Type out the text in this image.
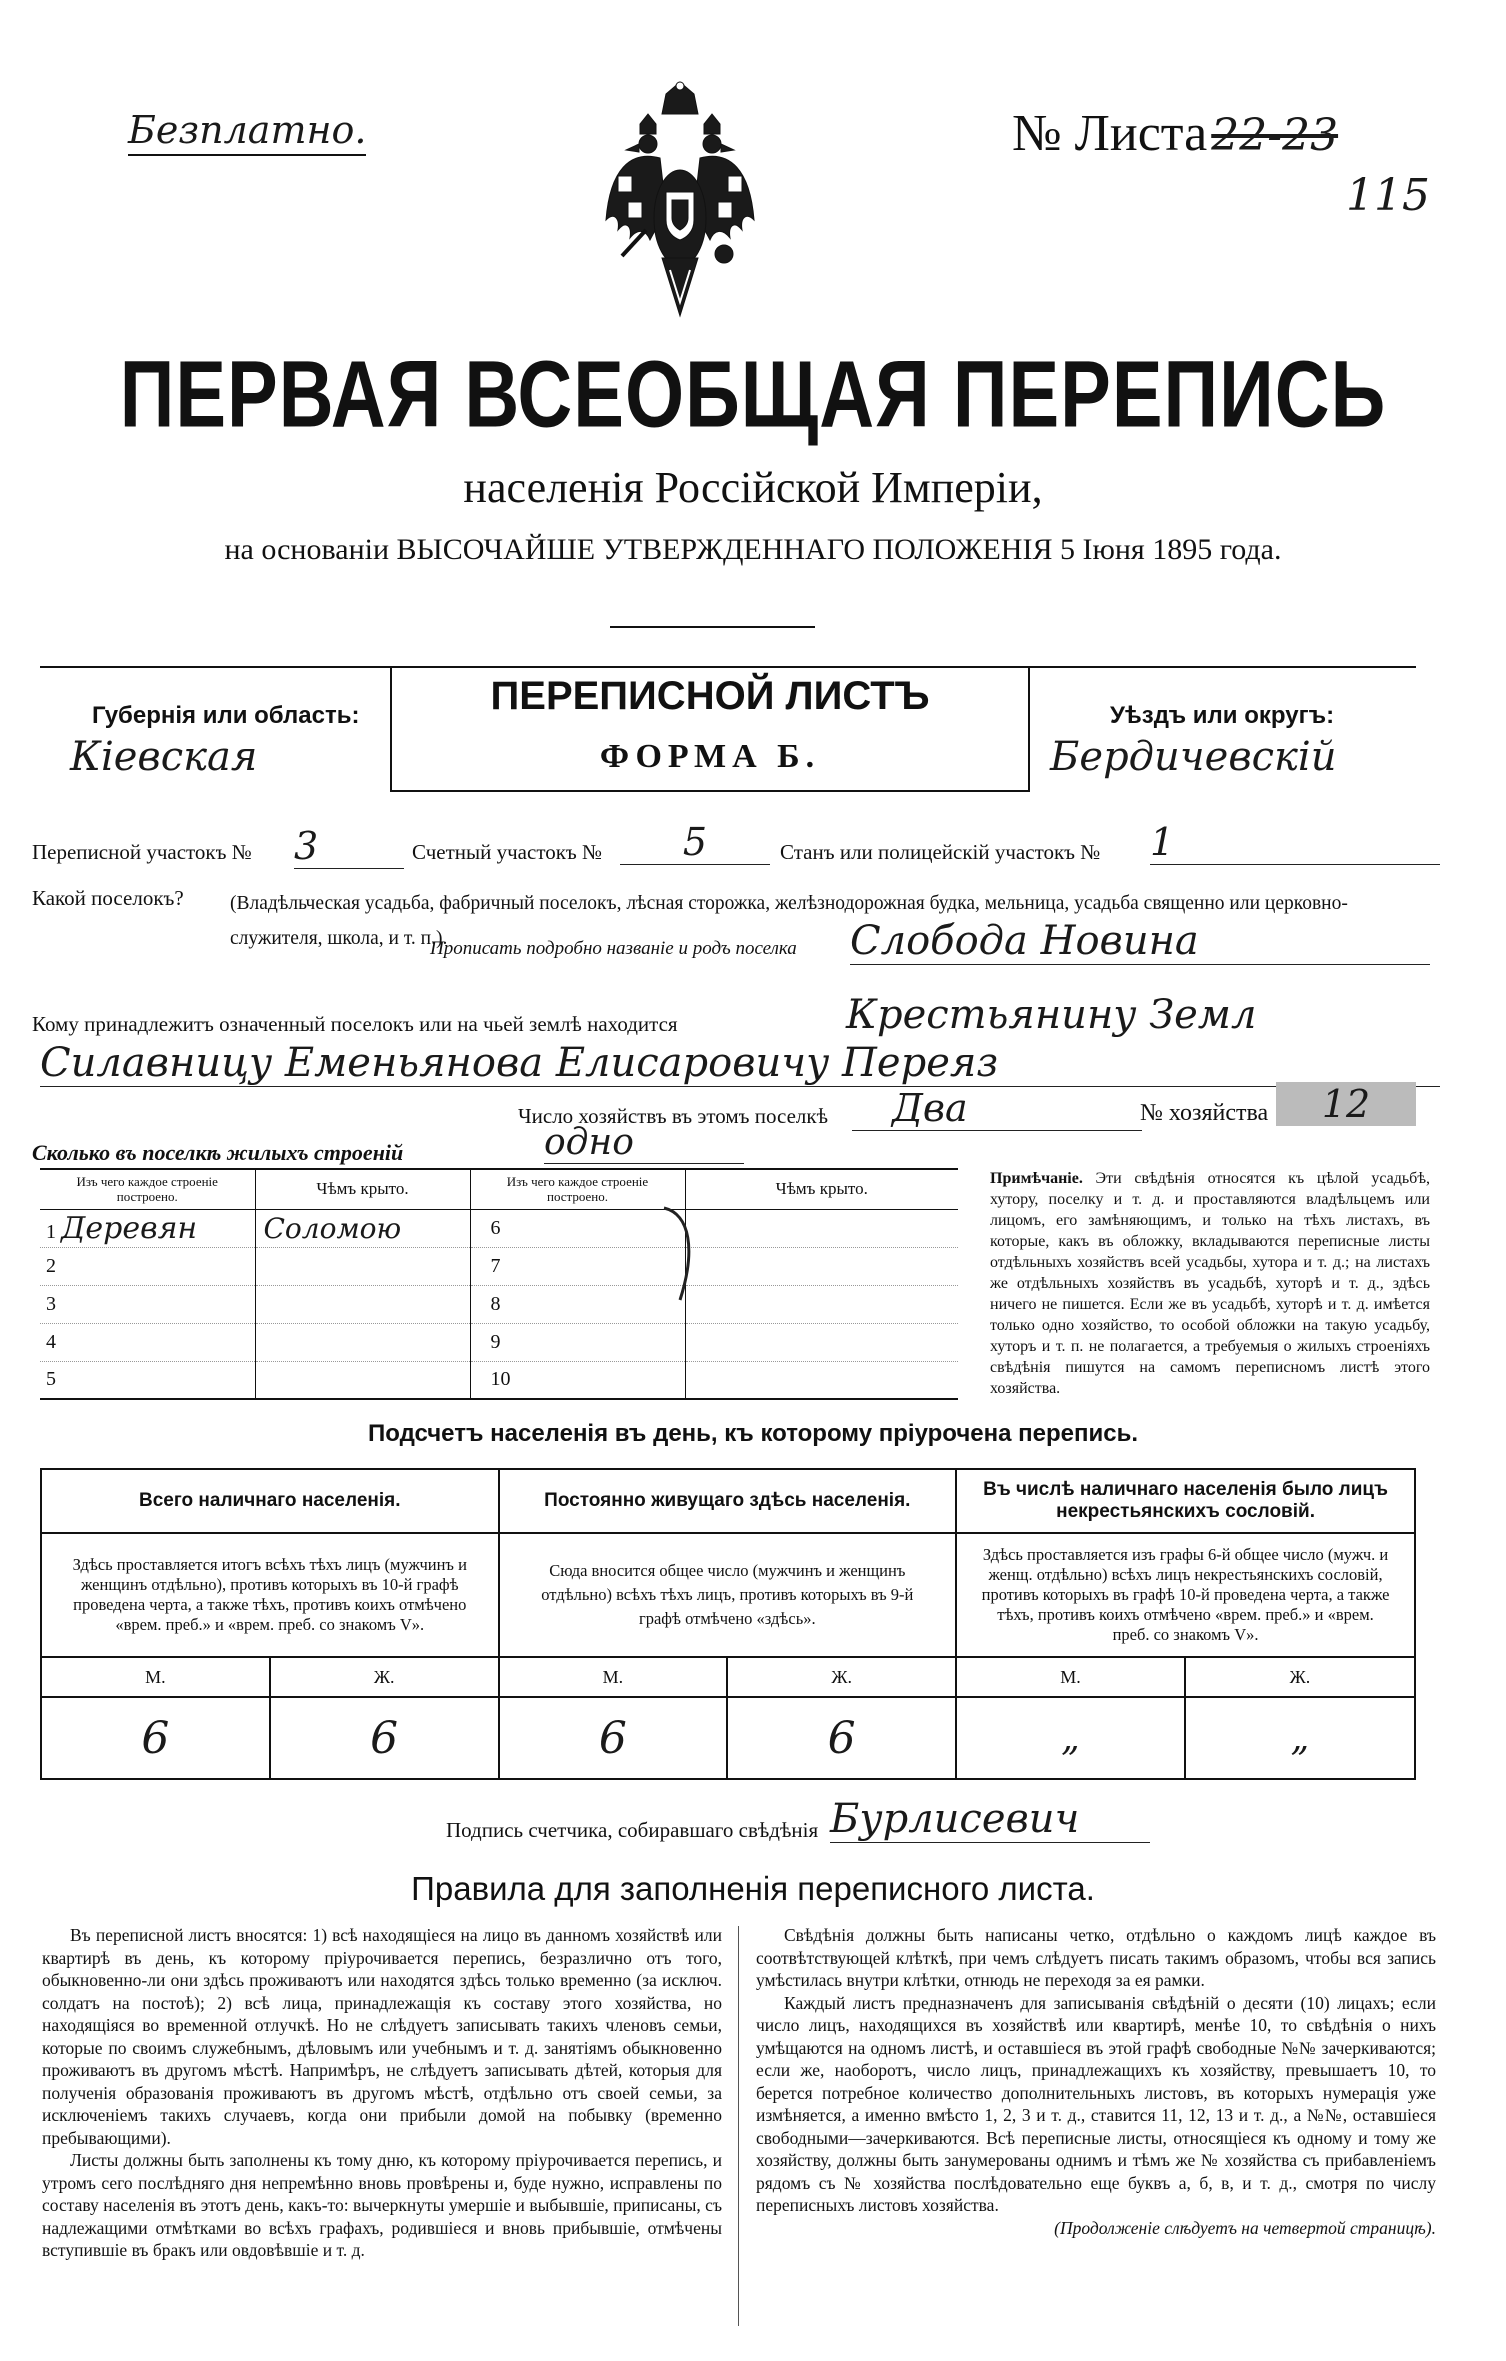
Безплатно.	№ Листа22-23
115
ПЕРВАЯ ВСЕОБЩАЯ ПЕРЕПИСЬ
населенія Россійской Имперіи,
на основаніи ВЫСОЧАЙШЕ УТВЕРЖДЕННАГО ПОЛОЖЕНІЯ 5 Іюня 1895 года.
Губернія или область:
Кіевская
ПЕРЕПИСНОЙ ЛИСТЪ
ФОРМА Б.
Уѣздъ или округъ:
Бердичевскій
Переписной участокъ № 3	Счетный участокъ №	5	Станъ или полицейскій участокъ № 1
Какой поселокъ? (Владѣльческая усадьба, фабричный поселокъ, лѣсная сторожка, желѣзнодорожная будка, мельница, усадьба священно или церковно-служителя, школа, и т. п.).
Прописать подробно названіе и родъ поселка Слобода Новина
Кому принадлежитъ означенный поселокъ или на чьей землѣ находится	Крестьянину Земл
Силавницу Еменьянова Елисаровичу Переяз
Число хозяйствъ въ этомъ поселкѣ	Два	№ хозяйства	12
Сколько въ поселкѣ жилыхъ строеній	одно
Изъ чего каждое строеніе построено.	Чѣмъ крыто.	Изъ чего каждое строеніе построено.	Чѣмъ крыто.
1 Деревян	Соломою	6	
2		7	
3		8	
4		9	
5		10	
Примѣчаніе. Эти свѣдѣнія относятся къ цѣлой усадьбѣ, хутору, поселку и т. д. и проставляются владѣльцемъ или лицомъ, его замѣняющимъ, и только на тѣхъ листахъ, въ которые, какъ въ обложку, вкладываются переписные листы отдѣльныхъ хозяйствъ всей усадьбы, хутора и т. д.; на листахъ же отдѣльныхъ хозяйствъ въ усадьбѣ, хуторѣ и т. д., здѣсь ничего не пишется. Если же въ усадьбѣ, хуторѣ и т. д. имѣется только одно хозяйство, то особой обложки на такую усадьбу, хуторъ и т. п. не полагается, а требуемыя о жилыхъ строеніяхъ свѣдѣнія пишутся на самомъ переписномъ листѣ этого хозяйства.
Подсчетъ населенія въ день, къ которому пріурочена перепись.
Всего наличнаго населенія.		Постоянно живущаго здѣсь населенія.		Въ числѣ наличнаго населенія было лицъ некрестьянскихъ сословій.	
Здѣсь проставляется итогъ всѣхъ тѣхъ лицъ (мужчинъ и женщинъ отдѣльно), противъ которыхъ въ 10-й графѣ проведена черта, а также тѣхъ, противъ коихъ отмѣчено «врем. преб.» и «врем. преб. со знакомъ V».		Сюда вносится общее число (мужчинъ и женщинъ отдѣльно) всѣхъ тѣхъ лицъ, противъ которыхъ въ 9-й графѣ отмѣчено «здѣсь».		Здѣсь проставляется изъ графы 6-й общее число (мужч. и женщ. отдѣльно) всѣхъ лицъ некрестьянскихъ сословій, противъ которыхъ въ графѣ 10-й проведена черта, а также тѣхъ, противъ коихъ отмѣчено «врем. преб.» и «врем. преб. со знакомъ V».	
М.	Ж.	М.	Ж.	М.	Ж.
6	6	6	6	„	„
Подпись счетчика, собиравшаго свѣдѣнія Бурлисевич
Правила для заполненія переписного листа.

Въ переписной листъ вносятся: 1) всѣ находящіеся на лицо въ данномъ хозяйствѣ или квартирѣ въ день, къ которому пріурочивается перепись, безразлично отъ того, обыкновенно-ли они здѣсь проживаютъ или находятся здѣсь только временно (за исключ. солдатъ на постоѣ); 2) всѣ лица, принадлежащія къ составу этого хозяйства, но находящіяся во временной отлучкѣ. Но не слѣдуетъ записывать такихъ членовъ семьи, которые по своимъ служебнымъ, дѣловымъ или учебнымъ и т. д. занятіямъ обыкновенно проживаютъ въ другомъ мѣстѣ. Напримѣръ, не слѣдуетъ записывать дѣтей, которыя для полученія образованія проживаютъ въ другомъ мѣстѣ, отдѣльно отъ своей семьи, за исключеніемъ такихъ случаевъ, когда они прибыли домой на побывку (временно пребывающими).

Листы должны быть заполнены къ тому дню, къ которому пріурочивается перепись, и утромъ сего послѣдняго дня непремѣнно вновь провѣрены и, буде нужно, исправлены по составу населенія въ этотъ день, какъ-то: вычеркнуты умершіе и выбывшіе, приписаны, съ надлежащими отмѣтками во всѣхъ графахъ, родившіеся и вновь прибывшіе, отмѣчены вступившіе въ бракъ или овдовѣвшіе и т. д.

Свѣдѣнія должны быть написаны четко, отдѣльно о каждомъ лицѣ каждое въ соотвѣтствующей клѣткѣ, при чемъ слѣдуетъ писать такимъ образомъ, чтобы вся запись умѣстилась внутри клѣтки, отнюдь не переходя за ея рамки.

Каждый листъ предназначенъ для записыванія свѣдѣній о десяти (10) лицахъ; если число лицъ, находящихся въ хозяйствѣ или квартирѣ, менѣе 10, то свѣдѣнія о нихъ умѣщаются на одномъ листѣ, и оставшіеся въ этой графѣ свободные №№ зачеркиваются; если же, наоборотъ, число лицъ, принадлежащихъ къ хозяйству, превышаетъ 10, то берется потребное количество дополнительныхъ листовъ, въ которыхъ нумерація уже измѣняется, а именно вмѣсто 1, 2, 3 и т. д., ставится 11, 12, 13 и т. д., а №№, оставшіеся свободными—зачеркиваются. Всѣ переписные листы, относящіеся къ одному и тому же хозяйству, должны быть занумерованы однимъ и тѣмъ же № хозяйства съ прибавленіемъ рядомъ съ № хозяйства послѣдовательно еще буквъ а, б, в, и т. д., смотря по числу переписныхъ листовъ хозяйства.

(Продолженіе слѣдуетъ на четвертой страницѣ).
